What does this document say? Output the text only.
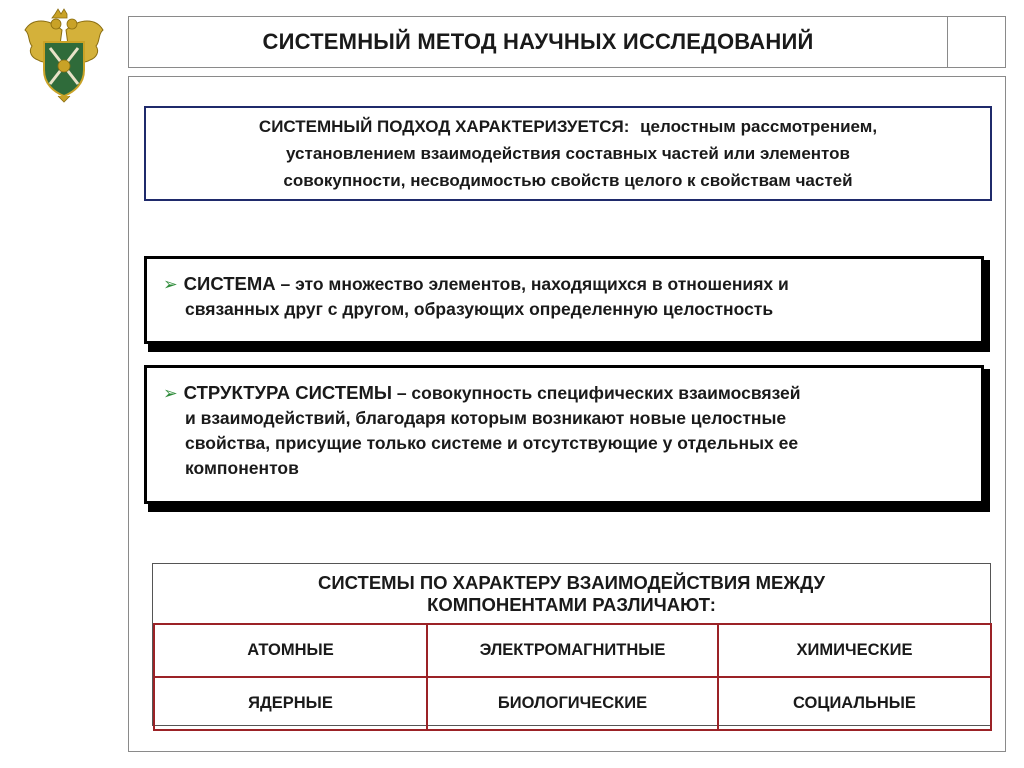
СИСТЕМНЫЙ МЕТОД НАУЧНЫХ ИССЛЕДОВАНИЙ
СИСТЕМНЫЙ ПОДХОД ХАРАКТЕРИЗУЕТСЯ: целостным рассмотрением,
установлением взаимодействия составных частей или элементов
совокупности, несводимостью свойств целого к свойствам частей
➢ СИСТЕМА – это множество элементов, находящихся в отношениях и
связанных друг с другом, образующих определенную целостность
➢ СТРУКТУРА СИСТЕМЫ – совокупность специфических взаимосвязей
и взаимодействий, благодаря которым возникают новые целостные
свойства, присущие только системе и отсутствующие у отдельных ее
компонентов
СИСТЕМЫ ПО ХАРАКТЕРУ ВЗАИМОДЕЙСТВИЯ МЕЖДУ
КОМПОНЕНТАМИ РАЗЛИЧАЮТ:
АТОМНЫЕ	ЭЛЕКТРОМАГНИТНЫЕ	ХИМИЧЕСКИЕ
ЯДЕРНЫЕ	БИОЛОГИЧЕСКИЕ	СОЦИАЛЬНЫЕ
